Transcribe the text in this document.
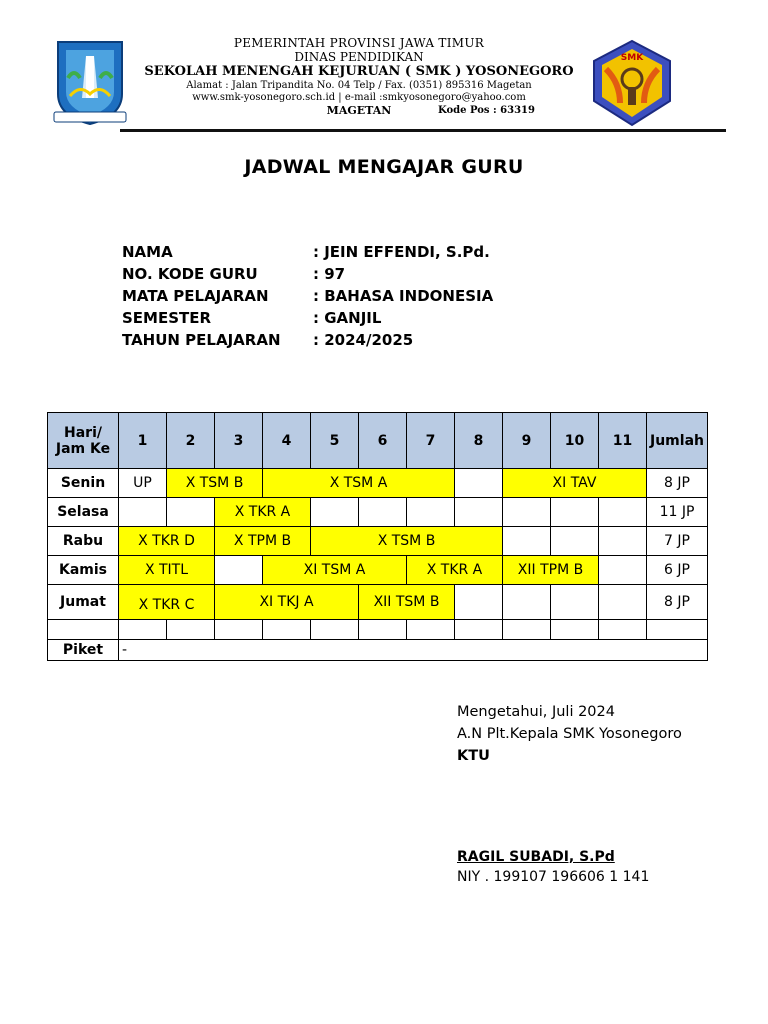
PEMERINTAH PROVINSI JAWA TIMUR
DINAS PENDIDIKAN
SEKOLAH MENENGAH KEJURUAN ( SMK ) YOSONEGORO
Alamat : Jalan Tripandita No. 04 Telp / Fax. (0351) 895316 Magetan
www.smk-yosonegoro.sch.id | e-mail :smkyosonegoro@yahoo.com
MAGETAN	Kode Pos : 63319
SMK
JADWAL MENGAJAR GURU
NAMA	: JEIN EFFENDI, S.Pd.
NO. KODE GURU	: 97
MATA PELAJARAN	: BAHASA INDONESIA
SEMESTER	: GANJIL
TAHUN PELAJARAN : 2024/2025
Hari/
Jam Ke	1	2	3	4	5	6	7	8	9	10	11	Jumlah
Senin	UP	X TSM B		X TSM A					XI TAV			8 JP
Selasa			X TKR A									11 JP
Rabu	X TKR D		X TPM B		X TSM B							7 JP
Kamis	X TITL			XI TSM A			X TKR A		XII TPM B			6 JP
Jumat	X TKR C		XI TKJ A			XII TSM B						8 JP

Piket	-											
Mengetahui, Juli 2024
A.N Plt.Kepala SMK Yosonegoro
KTU
RAGIL SUBADI, S.Pd
NIY . 199107 196606 1 141
